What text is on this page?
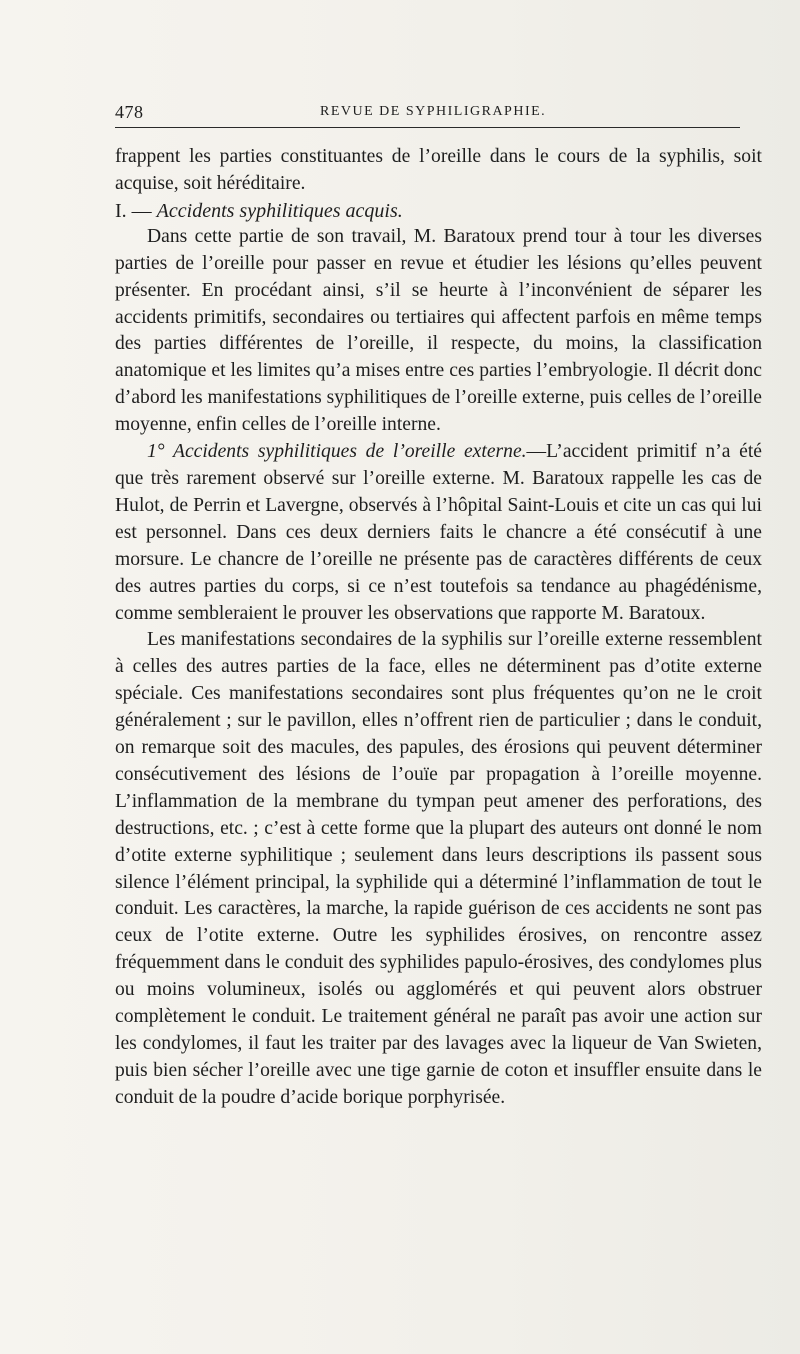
478	REVUE DE SYPHILIGRAPHIE.

frappent les parties constituantes de l’oreille dans le cours de la syphilis, soit acquise, soit héréditaire.

I. — Accidents syphilitiques acquis.

Dans cette partie de son travail, M. Baratoux prend tour à tour les diverses parties de l’oreille pour passer en revue et étudier les lésions qu’elles peuvent présenter. En procédant ainsi, s’il se heurte à l’inconvénient de séparer les accidents primitifs, secondaires ou tertiaires qui affectent parfois en même temps des parties différentes de l’oreille, il respecte, du moins, la classification anatomique et les limites qu’a mises entre ces parties l’embryologie. Il décrit donc d’abord les manifestations syphilitiques de l’oreille externe, puis celles de l’oreille moyenne, enfin celles de l’oreille interne.

1° Accidents syphilitiques de l’oreille externe.—L’accident primitif n’a été que très rarement observé sur l’oreille externe. M. Baratoux rappelle les cas de Hulot, de Perrin et Lavergne, observés à l’hôpital Saint-Louis et cite un cas qui lui est personnel. Dans ces deux derniers faits le chancre a été consécutif à une morsure. Le chancre de l’oreille ne présente pas de caractères différents de ceux des autres parties du corps, si ce n’est toutefois sa tendance au phagédénisme, comme sembleraient le prouver les observations que rapporte M. Baratoux.

Les manifestations secondaires de la syphilis sur l’oreille externe ressemblent à celles des autres parties de la face, elles ne déterminent pas d’otite externe spéciale. Ces manifestations secondaires sont plus fréquentes qu’on ne le croit généralement ; sur le pavillon, elles n’offrent rien de particulier ; dans le conduit, on remarque soit des macules, des papules, des érosions qui peuvent déterminer consécutivement des lésions de l’ouïe par propagation à l’oreille moyenne. L’inflammation de la membrane du tympan peut amener des perforations, des destructions, etc. ; c’est à cette forme que la plupart des auteurs ont donné le nom d’otite externe syphilitique ; seulement dans leurs descriptions ils passent sous silence l’élément principal, la syphilide qui a déterminé l’inflammation de tout le conduit. Les caractères, la marche, la rapide guérison de ces accidents ne sont pas ceux de l’otite externe. Outre les syphilides érosives, on rencontre assez fréquemment dans le conduit des syphilides papulo-érosives, des condylomes plus ou moins volumineux, isolés ou agglomérés et qui peuvent alors obstruer complètement le conduit. Le traitement général ne paraît pas avoir une action sur les condylomes, il faut les traiter par des lavages avec la liqueur de Van Swieten, puis bien sécher l’oreille avec une tige garnie de coton et insuffler ensuite dans le conduit de la poudre d’acide borique porphyrisée.
